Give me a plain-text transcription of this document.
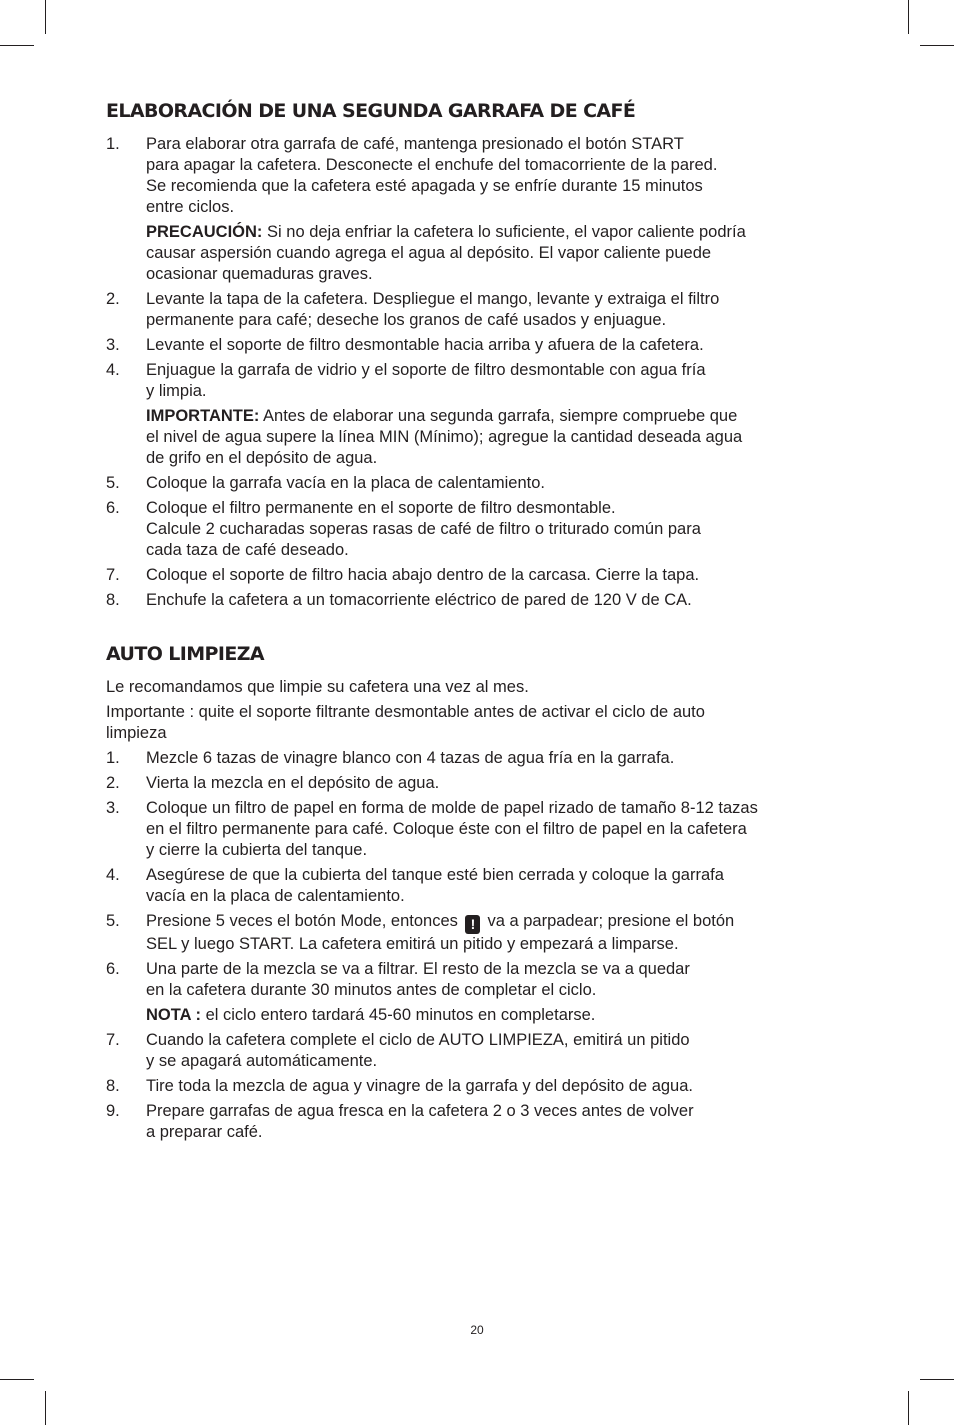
ELABORACIÓN DE UNA SEGUNDA GARRAFA DE CAFÉ
1.	Para elaborar otra garrafa de café, mantenga presionado el botón START
para apagar la cafetera. Desconecte el enchufe del tomacorriente de la pared.
Se recomienda que la cafetera esté apagada y se enfríe durante 15 minutos
entre ciclos.
PRECAUCIÓN: Si no deja enfriar la cafetera lo suficiente, el vapor caliente podría
causar aspersión cuando agrega el agua al depósito. El vapor caliente puede
ocasionar quemaduras graves.
2.	Levante la tapa de la cafetera. Despliegue el mango, levante y extraiga el filtro
permanente para café; deseche los granos de café usados y enjuague.
3.	Levante el soporte de filtro desmontable hacia arriba y afuera de la cafetera.
4.	Enjuague la garrafa de vidrio y el soporte de filtro desmontable con agua fría
y limpia.
IMPORTANTE: Antes de elaborar una segunda garrafa, siempre compruebe que
el nivel de agua supere la línea MIN (Mínimo); agregue la cantidad deseada agua
de grifo en el depósito de agua.
5.	Coloque la garrafa vacía en la placa de calentamiento.
6.	Coloque el filtro permanente en el soporte de filtro desmontable.
Calcule 2 cucharadas soperas rasas de café de filtro o triturado común para
cada taza de café deseado.
7.	Coloque el soporte de filtro hacia abajo dentro de la carcasa. Cierre la tapa.
8.	Enchufe la cafetera a un tomacorriente eléctrico de pared de 120 V de CA.
AUTO LIMPIEZA

Le recomandamos que limpie su cafetera una vez al mes.

Importante : quite el soporte filtrante desmontable antes de activar el ciclo de auto
limpieza

1.	Mezcle 6 tazas de vinagre blanco con 4 tazas de agua fría en la garrafa.
2.	Vierta la mezcla en el depósito de agua.
3.	Coloque un filtro de papel en forma de molde de papel rizado de tamaño 8-12 tazas
en el filtro permanente para café. Coloque éste con el filtro de papel en la cafetera
y cierre la cubierta del tanque.
4.	Asegúrese de que la cubierta del tanque esté bien cerrada y coloque la garrafa
vacía en la placa de calentamiento.
5.	Presione 5 veces el botón Mode, entonces ! va a parpadear; presione el botón
SEL y luego START. La cafetera emitirá un pitido y empezará a limparse.
6.	Una parte de la mezcla se va a filtrar. El resto de la mezcla se va a quedar
en la cafetera durante 30 minutos antes de completar el ciclo.
NOTA : el ciclo entero tardará 45-60 minutos en completarse.
7.	Cuando la cafetera complete el ciclo de AUTO LIMPIEZA, emitirá un pitido
y se apagará automáticamente.
8.	Tire toda la mezcla de agua y vinagre de la garrafa y del depósito de agua.
9.	Prepare garrafas de agua fresca en la cafetera 2 o 3 veces antes de volver
a preparar café.
20
